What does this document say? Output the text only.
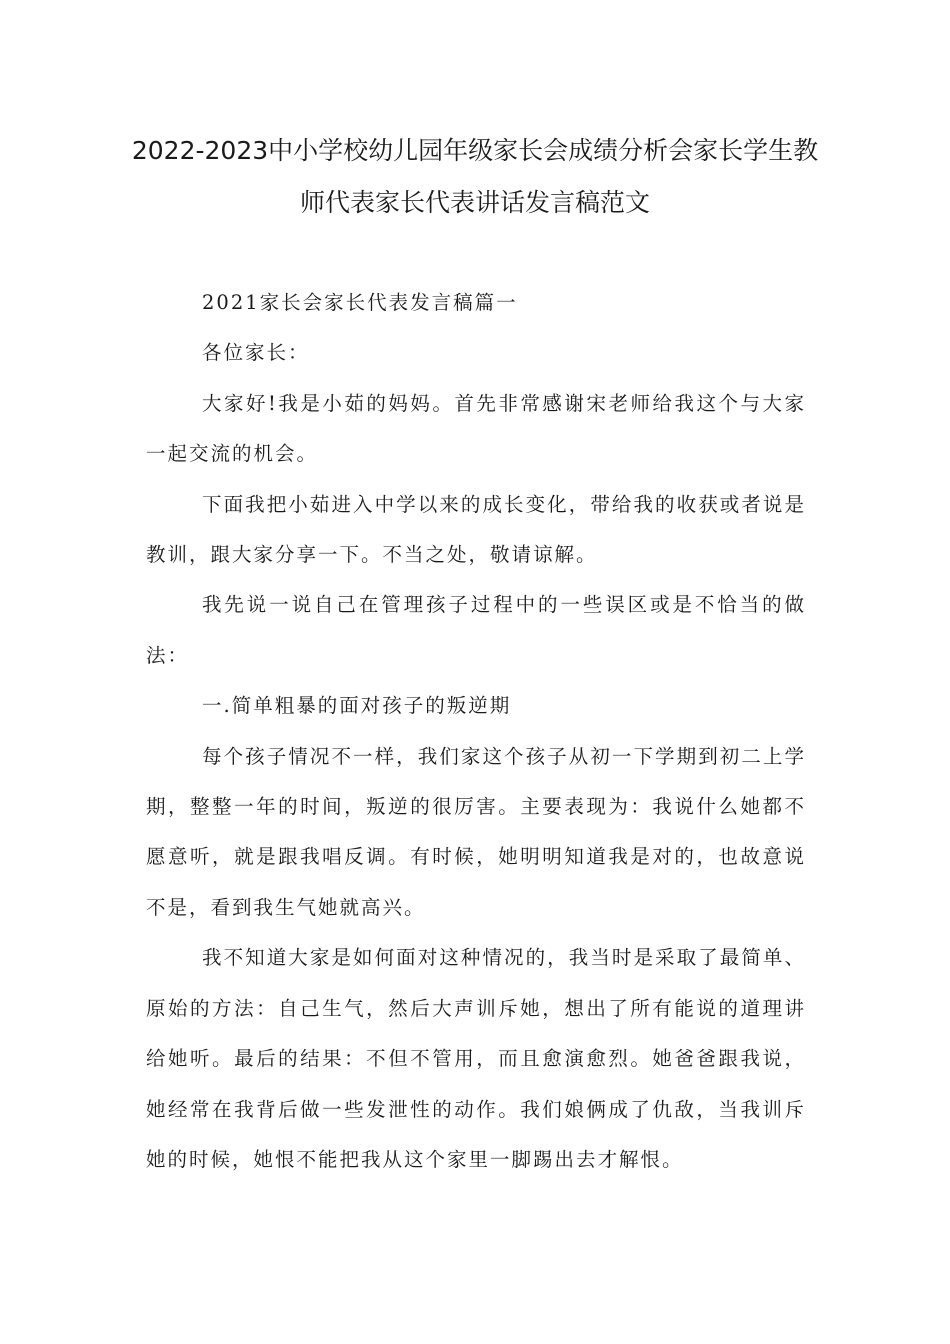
2022-2023中小学校幼儿园年级家长会成绩分析会家长学生教师代表家长代表讲话发言稿范文

2021家长会家长代表发言稿篇一

各位家长：

大家好!我是小茹的妈妈。首先非常感谢宋老师给我这个与大家一起交流的机会。

下面我把小茹进入中学以来的成长变化，带给我的收获或者说是教训，跟大家分享一下。不当之处，敬请谅解。

我先说一说自己在管理孩子过程中的一些误区或是不恰当的做法：

一.简单粗暴的面对孩子的叛逆期

每个孩子情况不一样，我们家这个孩子从初一下学期到初二上学期，整整一年的时间，叛逆的很厉害。主要表现为：我说什么她都不愿意听，就是跟我唱反调。有时候，她明明知道我是对的，也故意说不是，看到我生气她就高兴。

我不知道大家是如何面对这种情况的，我当时是采取了最简单、原始的方法：自己生气，然后大声训斥她，想出了所有能说的道理讲给她听。最后的结果：不但不管用，而且愈演愈烈。她爸爸跟我说，她经常在我背后做一些发泄性的动作。我们娘俩成了仇敌，当我训斥她的时候，她恨不能把我从这个家里一脚踢出去才解恨。
